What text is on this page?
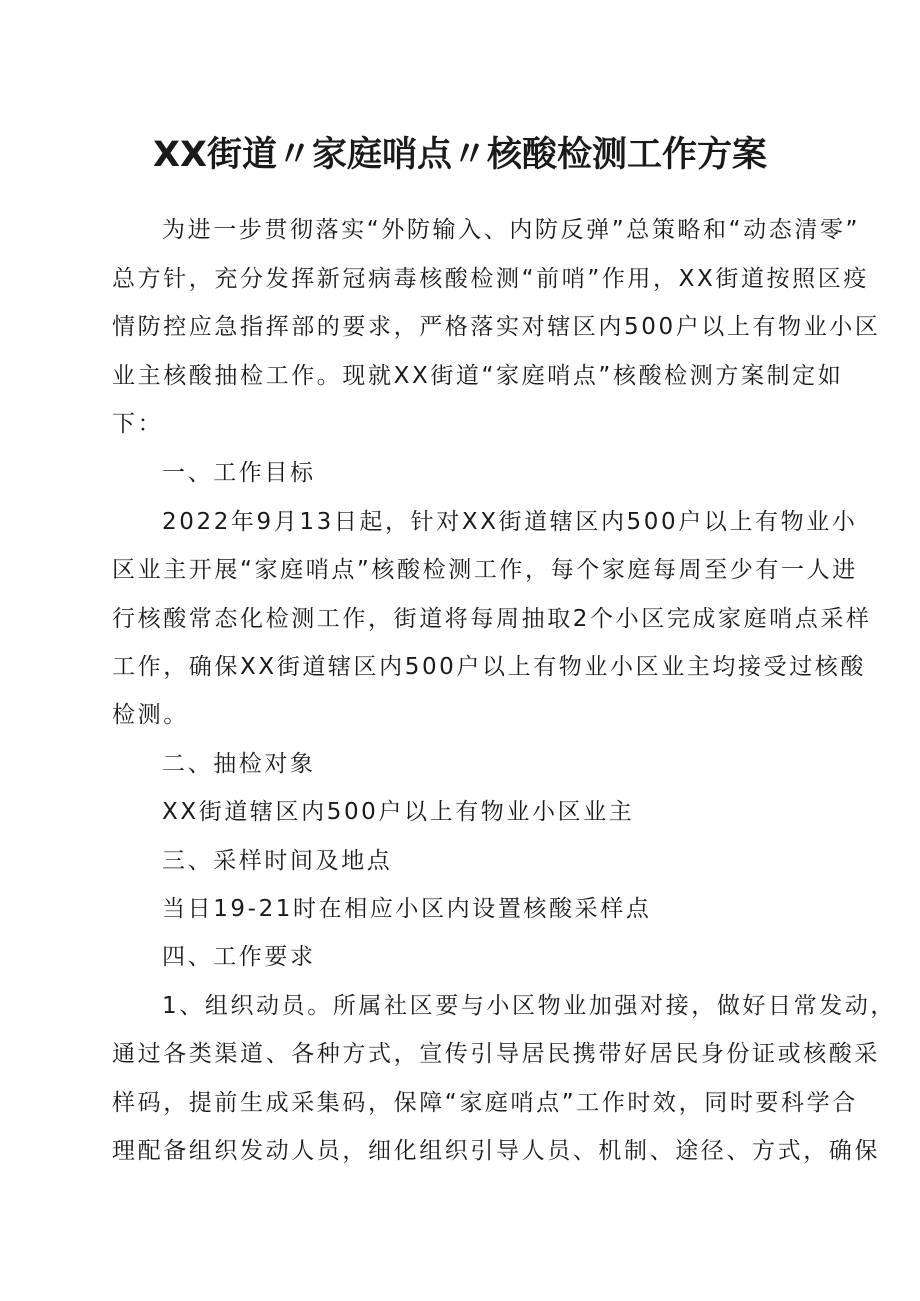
XX街道〃家庭哨点〃核酸检测工作方案

为进一步贯彻落实“外防输入、内防反弹”总策略和“动态清零”

总方针，充分发挥新冠病毒核酸检测“前哨”作用，XX街道按照区疫

情防控应急指挥部的要求，严格落实对辖区内500户以上有物业小区

业主核酸抽检工作。现就XX街道“家庭哨点”核酸检测方案制定如

下：

一、工作目标

2022年9月13日起，针对XX街道辖区内500户以上有物业小

区业主开展“家庭哨点”核酸检测工作，每个家庭每周至少有一人进

行核酸常态化检测工作，街道将每周抽取2个小区完成家庭哨点采样

工作，确保XX街道辖区内500户以上有物业小区业主均接受过核酸

检测。

二、抽检对象

XX街道辖区内500户以上有物业小区业主

三、采样时间及地点

当日19-21时在相应小区内设置核酸采样点

四、工作要求

1、组织动员。所属社区要与小区物业加强对接，做好日常发动，

通过各类渠道、各种方式，宣传引导居民携带好居民身份证或核酸采

样码，提前生成采集码，保障“家庭哨点”工作时效，同时要科学合

理配备组织发动人员，细化组织引导人员、机制、途径、方式，确保
